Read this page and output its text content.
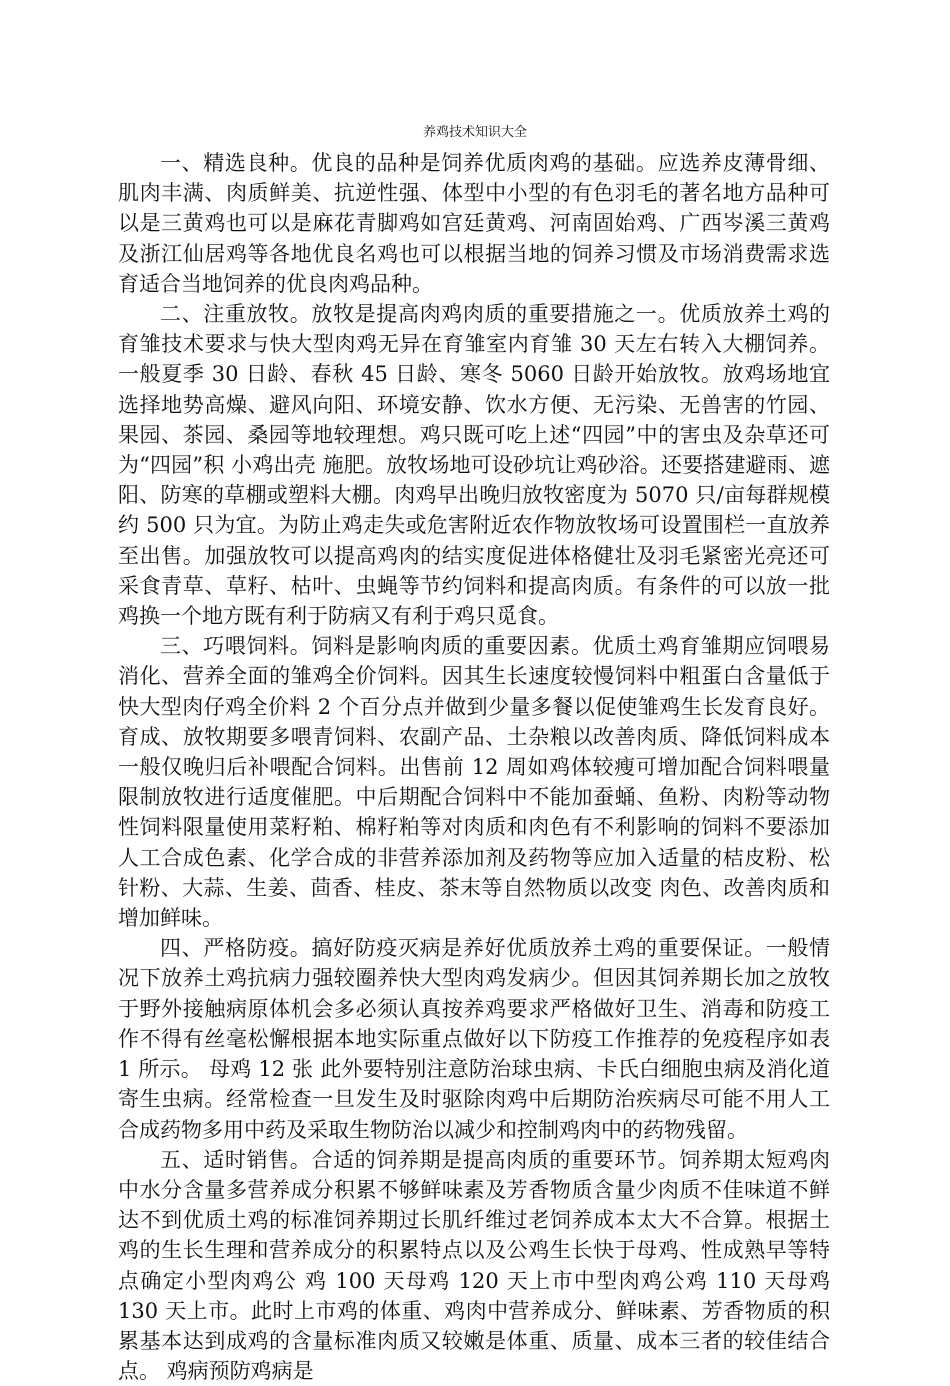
养鸡技术知识大全

一、精选良种。优良的品种是饲养优质肉鸡的基础。应选养皮薄骨细、肌肉丰满、肉质鲜美、抗逆性强、体型中小型的有色羽毛的著名地方品种可以是三黄鸡也可以是麻花青脚鸡如宫廷黄鸡、河南固始鸡、广西岑溪三黄鸡及浙江仙居鸡等各地优良名鸡也可以根据当地的饲养习惯及市场消费需求选育适合当地饲养的优良肉鸡品种。

二、注重放牧。放牧是提高肉鸡肉质的重要措施之一。优质放养土鸡的育雏技术要求与快大型肉鸡无异在育雏室内育雏 30 天左右转入大棚饲养。一般夏季 30 日龄、春秋 45 日龄、寒冬 5060 日龄开始放牧。放鸡场地宜选择地势高燥、避风向阳、环境安静、饮水方便、无污染、无兽害的竹园、果园、茶园、桑园等地较理想。鸡只既可吃上述“四园”中的害虫及杂草还可为“四园”积 小鸡出壳 施肥。放牧场地可设砂坑让鸡砂浴。还要搭建避雨、遮阳、防寒的草棚或塑料大棚。肉鸡早出晚归放牧密度为 5070 只/亩每群规模约 500 只为宜。为防止鸡走失或危害附近农作物放牧场可设置围栏一直放养至出售。加强放牧可以提高鸡肉的结实度促进体格健壮及羽毛紧密光亮还可采食青草、草籽、枯叶、虫蝇等节约饲料和提高肉质。有条件的可以放一批鸡换一个地方既有利于防病又有利于鸡只觅食。

三、巧喂饲料。饲料是影响肉质的重要因素。优质土鸡育雏期应饲喂易消化、营养全面的雏鸡全价饲料。因其生长速度较慢饲料中粗蛋白含量低于快大型肉仔鸡全价料 2 个百分点并做到少量多餐以促使雏鸡生长发育良好。育成、放牧期要多喂青饲料、农副产品、土杂粮以改善肉质、降低饲料成本一般仅晚归后补喂配合饲料。出售前 12 周如鸡体较瘦可增加配合饲料喂量限制放牧进行适度催肥。中后期配合饲料中不能加蚕蛹、鱼粉、肉粉等动物性饲料限量使用菜籽粕、棉籽粕等对肉质和肉色有不利影响的饲料不要添加人工合成色素、化学合成的非营养添加剂及药物等应加入适量的桔皮粉、松针粉、大蒜、生姜、茴香、桂皮、茶末等自然物质以改变 肉色、改善肉质和增加鲜味。

四、严格防疫。搞好防疫灭病是养好优质放养土鸡的重要保证。一般情况下放养土鸡抗病力强较圈养快大型肉鸡发病少。但因其饲养期长加之放牧于野外接触病原体机会多必须认真按养鸡要求严格做好卫生、消毒和防疫工作不得有丝毫松懈根据本地实际重点做好以下防疫工作推荐的免疫程序如表 1 所示。 母鸡 12 张 此外要特别注意防治球虫病、卡氏白细胞虫病及消化道寄生虫病。经常检查一旦发生及时驱除肉鸡中后期防治疾病尽可能不用人工合成药物多用中药及采取生物防治以减少和控制鸡肉中的药物残留。

五、适时销售。合适的饲养期是提高肉质的重要环节。饲养期太短鸡肉中水分含量多营养成分积累不够鲜味素及芳香物质含量少肉质不佳味道不鲜达不到优质土鸡的标准饲养期过长肌纤维过老饲养成本太大不合算。根据土鸡的生长生理和营养成分的积累特点以及公鸡生长快于母鸡、性成熟早等特点确定小型肉鸡公 鸡 100 天母鸡 120 天上市中型肉鸡公鸡 110 天母鸡 130 天上市。此时上市鸡的体重、鸡肉中营养成分、鲜味素、芳香物质的积累基本达到成鸡的含量标准肉质又较嫩是体重、质量、成本三者的较佳结合点。 鸡病预防鸡病是
